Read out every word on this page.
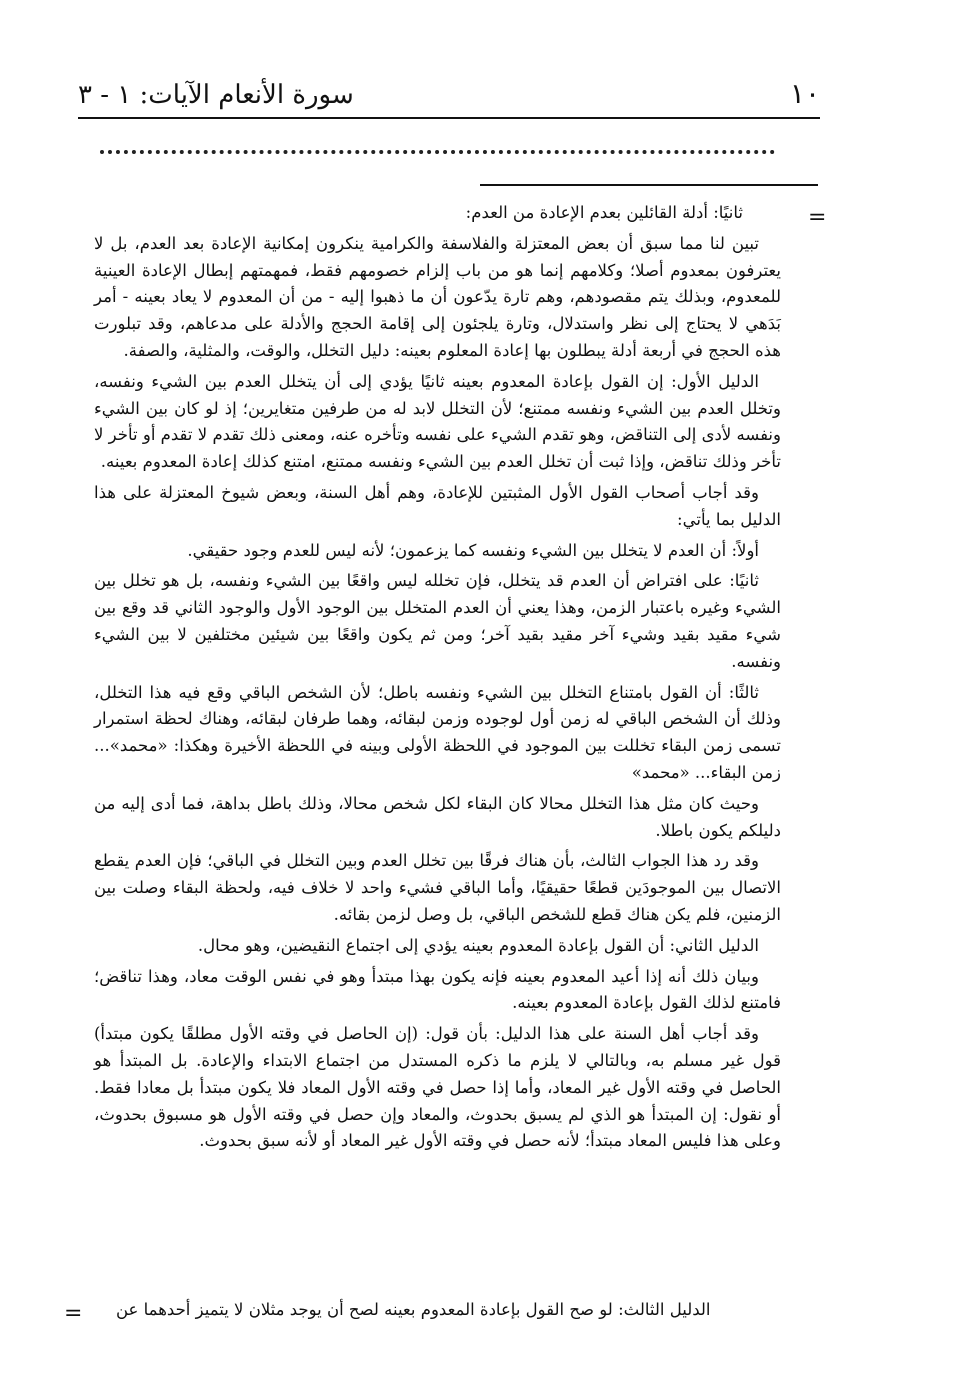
١٠
سورة الأنعام الآيات: ١ - ٣
=

ثانيًا: أدلة القائلين بعدم الإعادة من العدم:

تبين لنا مما سبق أن بعض المعتزلة والفلاسفة والكرامية ينكرون إمكانية الإعادة بعد العدم، بل لا يعترفون بمعدوم أصلا؛ وكلامهم إنما هو من باب إلزام خصومهم فقط، فمهمتهم إبطال الإعادة العينية للمعدوم، وبذلك يتم مقصودهم، وهم تارة يدّعون أن ما ذهبوا إليه - من أن المعدوم لا يعاد بعينه - أمر بَدَهي لا يحتاج إلى نظر واستدلال، وتارة يلجئون إلى إقامة الحجج والأدلة على مدعاهم، وقد تبلورت هذه الحجج في أربعة أدلة يبطلون بها إعادة المعلوم بعينه: دليل التخلل، والوقت، والمثلية، والصفة.

الدليل الأول: إن القول بإعادة المعدوم بعينه ثانيًا يؤدي إلى أن يتخلل العدم بين الشيء ونفسه، وتخلل العدم بين الشيء ونفسه ممتنع؛ لأن التخلل لابد له من طرفين متغايرين؛ إذ لو كان بين الشيء ونفسه لأدى إلى التناقض، وهو تقدم الشيء على نفسه وتأخره عنه، ومعنى ذلك تقدم لا تقدم أو تأخر لا تأخر وذلك تناقض، وإذا ثبت أن تخلل العدم بين الشيء ونفسه ممتنع، امتنع كذلك إعادة المعدوم بعينه.

وقد أجاب أصحاب القول الأول المثبتين للإعادة، وهم أهل السنة، وبعض شيوخ المعتزلة على هذا الدليل بما يأتي:

أولاً: أن العدم لا يتخلل بين الشيء ونفسه كما يزعمون؛ لأنه ليس للعدم وجود حقيقي.

ثانيًا: على افتراض أن العدم قد يتخلل، فإن تخلله ليس واقعًا بين الشيء ونفسه، بل هو تخلل بين الشيء وغيره باعتبار الزمن، وهذا يعني أن العدم المتخلل بين الوجود الأول والوجود الثاني قد وقع بين شيء مقيد بقيد وشيء آخر مقيد بقيد آخر؛ ومن ثم يكون واقعًا بين شيئين مختلفين لا بين الشيء ونفسه.

ثالثًا: أن القول بامتناع التخلل بين الشيء ونفسه باطل؛ لأن الشخص الباقي وقع فيه هذا التخلل، وذلك أن الشخص الباقي له زمن أول لوجوده وزمن لبقائه، وهما طرفان لبقائه، وهناك لحظة استمرار تسمى زمن البقاء تخللت بين الموجود في اللحظة الأولى وبينه في اللحظة الأخيرة وهكذا: «محمد»... زمن البقاء... «محمد»

وحيث كان مثل هذا التخلل محالا كان البقاء لكل شخص محالا، وذلك باطل بداهة، فما أدى إليه من دليلكم يكون باطلا.

وقد رد هذا الجواب الثالث، بأن هناك فرقًا بين تخلل العدم وبين التخلل في الباقي؛ فإن العدم يقطع الاتصال بين الموجودَين قطعًا حقيقيًا، وأما الباقي فشيء واحد لا خلاف فيه، ولحظة البقاء وصلت بين الزمنين، فلم يكن هناك قطع للشخص الباقي، بل وصل لزمن بقائه.

الدليل الثاني: أن القول بإعادة المعدوم بعينه يؤدي إلى اجتماع النقيضين، وهو محال.

وبيان ذلك أنه إذا أعيد المعدوم بعينه فإنه يكون بهذا مبتدأ وهو في نفس الوقت معاد، وهذا تناقض؛ فامتنع لذلك القول بإعادة المعدوم بعينه.

وقد أجاب أهل السنة على هذا الدليل: بأن قول: (إن الحاصل في وقته الأول مطلقًا يكون مبتدأ) قول غير مسلم به، وبالتالي لا يلزم ما ذكره المستدل من اجتماع الابتداء والإعادة. بل المبتدأ هو الحاصل في وقته الأول غير المعاد، وأما إذا حصل في وقته الأول المعاد فلا يكون مبتدأ بل معادا فقط. أو نقول: إن المبتدأ هو الذي لم يسبق بحدوث، والمعاد وإن حصل في وقته الأول هو مسبوق بحدوث، وعلى هذا فليس المعاد مبتدأ؛ لأنه حصل في وقته الأول غير المعاد أو لأنه سبق بحدوث.

الدليل الثالث: لو صح القول بإعادة المعدوم بعينه لصح أن يوجد مثلان لا يتميز أحدهما عن

=
